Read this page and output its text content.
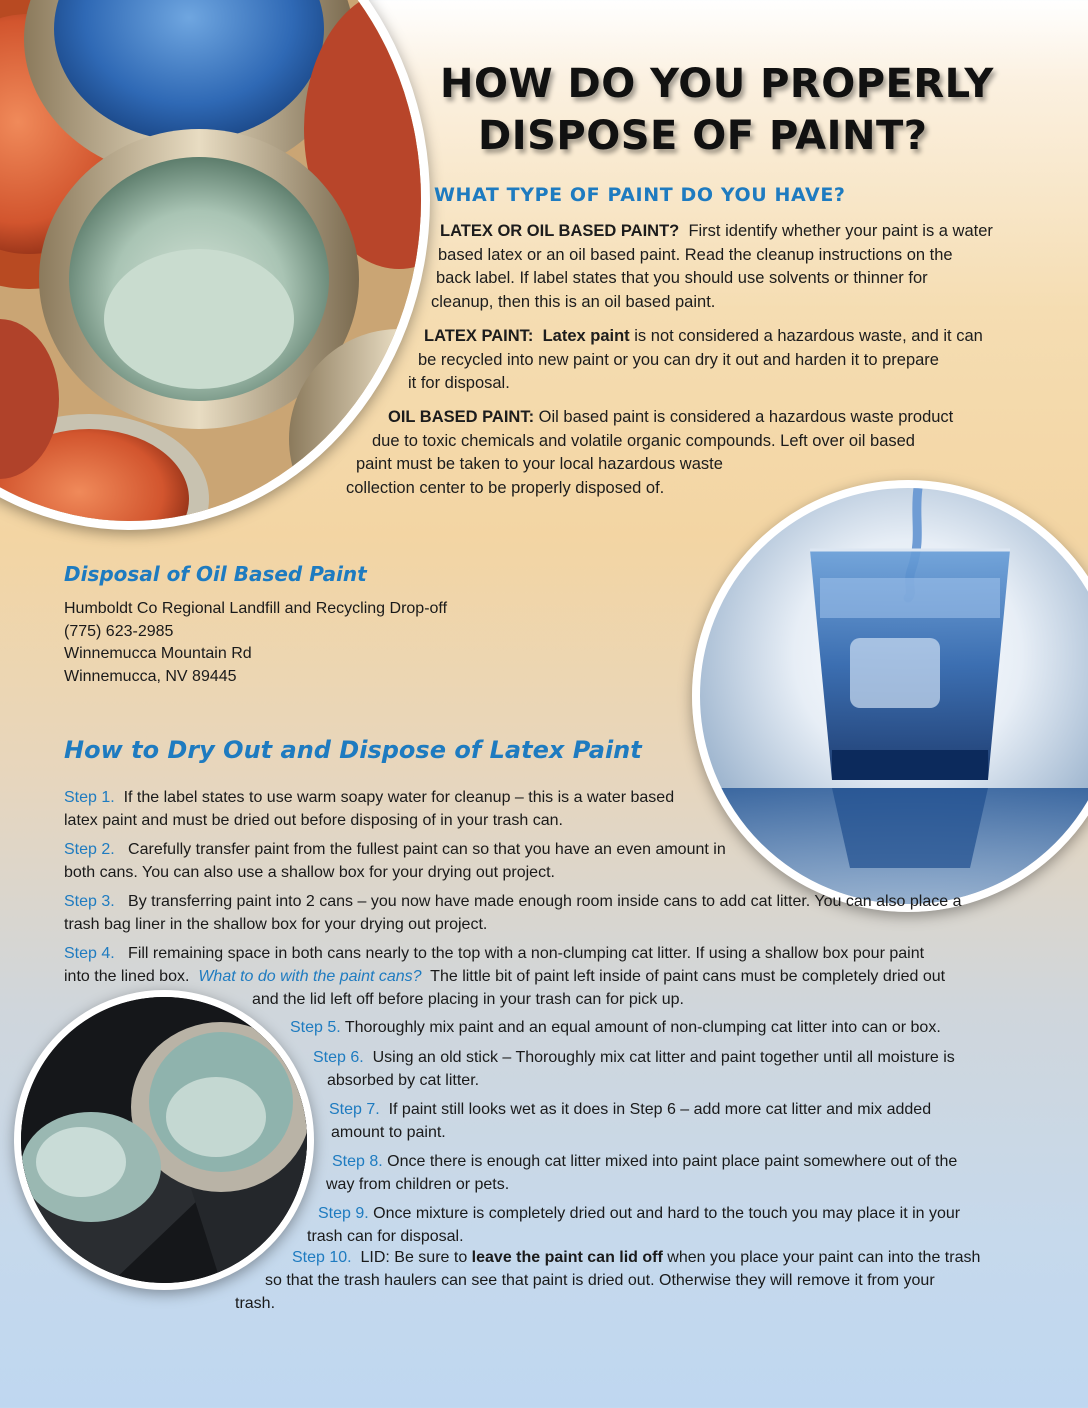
HOW DO YOU PROPERLY
DISPOSE OF PAINT?
WHAT TYPE OF PAINT DO YOU HAVE?
LATEX OR OIL BASED PAINT? First identify whether your paint is a water
based latex or an oil based paint. Read the cleanup instructions on the
back label. If label states that you should use solvents or thinner for
cleanup, then this is an oil based paint.
LATEX PAINT: Latex paint is not considered a hazardous waste, and it can
be recycled into new paint or you can dry it out and harden it to prepare
it for disposal.
OIL BASED PAINT: Oil based paint is considered a hazardous waste product
due to toxic chemicals and volatile organic compounds. Left over oil based
paint must be taken to your local hazardous waste
collection center to be properly disposed of.
Disposal of Oil Based Paint
Humboldt Co Regional Landfill and Recycling Drop-off
(775) 623-2985
Winnemucca Mountain Rd
Winnemucca, NV 89445
How to Dry Out and Dispose of Latex Paint
Step 1. If the label states to use warm soapy water for cleanup – this is a water based
latex paint and must be dried out before disposing of in your trash can.
Step 2. Carefully transfer paint from the fullest paint can so that you have an even amount in
both cans. You can also use a shallow box for your drying out project.
Step 3. By transferring paint into 2 cans – you now have made enough room inside cans to add cat litter. You can also place a
trash bag liner in the shallow box for your drying out project.
Step 4. Fill remaining space in both cans nearly to the top with a non-clumping cat litter. If using a shallow box pour paint
into the lined box. What to do with the paint cans? The little bit of paint left inside of paint cans must be completely dried out
and the lid left off before placing in your trash can for pick up.
Step 5. Thoroughly mix paint and an equal amount of non-clumping cat litter into can or box.
Step 6. Using an old stick – Thoroughly mix cat litter and paint together until all moisture is
absorbed by cat litter.
Step 7. If paint still looks wet as it does in Step 6 – add more cat litter and mix added
amount to paint.
Step 8. Once there is enough cat litter mixed into paint place paint somewhere out of the
way from children or pets.
Step 9. Once mixture is completely dried out and hard to the touch you may place it in your
trash can for disposal.
Step 10. LID: Be sure to leave the paint can lid off when you place your paint can into the trash
so that the trash haulers can see that paint is dried out. Otherwise they will remove it from your
trash.
